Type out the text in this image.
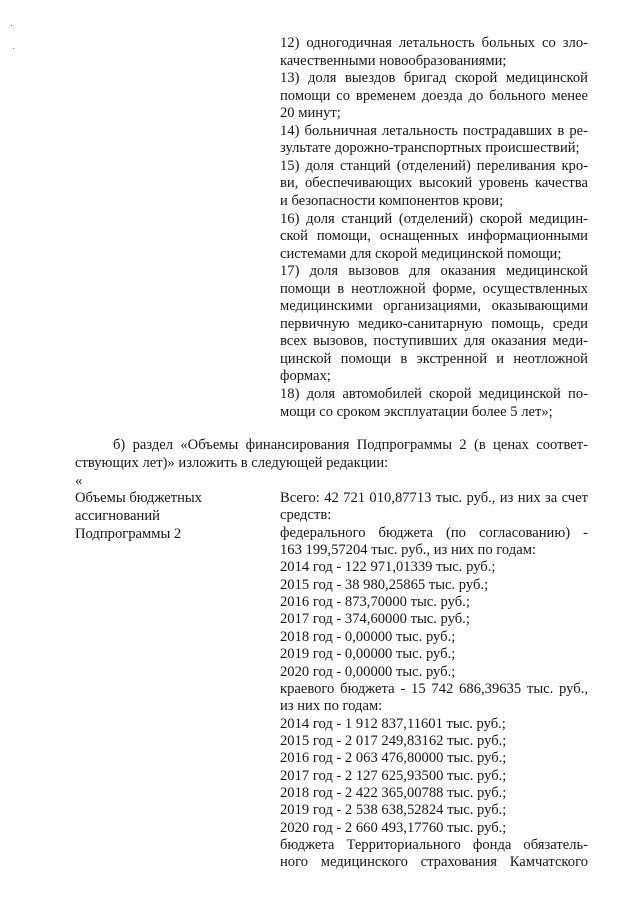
12) одногодичная летальность больных со зло-
качественными новообразованиями;
13) доля выездов бригад скорой медицинской
помощи со временем доезда до больного менее
20 минут;
14) больничная летальность пострадавших в ре-
зультате дорожно-транспортных происшествий;
15) доля станций (отделений) переливания кро-
ви, обеспечивающих высокий уровень качества
и безопасности компонентов крови;
16) доля станций (отделений) скорой медицин-
ской помощи, оснащенных информационными
системами для скорой медицинской помощи;
17) доля вызовов для оказания медицинской
помощи в неотложной форме, осуществленных
медицинскими организациями, оказывающими
первичную медико-санитарную помощь, среди
всех вызовов, поступивших для оказания меди-
цинской помощи в экстренной и неотложной
формах;
18) доля автомобилей скорой медицинской по-
мощи со сроком эксплуатации более 5 лет»;
б) раздел «Объемы финансирования Подпрограммы 2 (в ценах соответ-
ствующих лет)» изложить в следующей редакции:
«
Объемы бюджетных
ассигнований
Подпрограммы 2
Всего: 42 721 010,87713 тыс. руб., из них за счет
средств:
федерального бюджета (по согласованию) -
163 199,57204 тыс. руб., из них по годам:
2014 год - 122 971,01339 тыс. руб.;
2015 год - 38 980,25865 тыс. руб.;
2016 год - 873,70000 тыс. руб.;
2017 год - 374,60000 тыс. руб.;
2018 год - 0,00000 тыс. руб.;
2019 год - 0,00000 тыс. руб.;
2020 год - 0,00000 тыс. руб.;
краевого бюджета - 15 742 686,39635 тыс. руб.,
из них по годам:
2014 год - 1 912 837,11601 тыс. руб.;
2015 год - 2 017 249,83162 тыс. руб.;
2016 год - 2 063 476,80000 тыс. руб.;
2017 год - 2 127 625,93500 тыс. руб.;
2018 год - 2 422 365,00788 тыс. руб.;
2019 год - 2 538 638,52824 тыс. руб.;
2020 год - 2 660 493,17760 тыс. руб.;
бюджета Территориального фонда обязатель-
ного медицинского страхования Камчатского
